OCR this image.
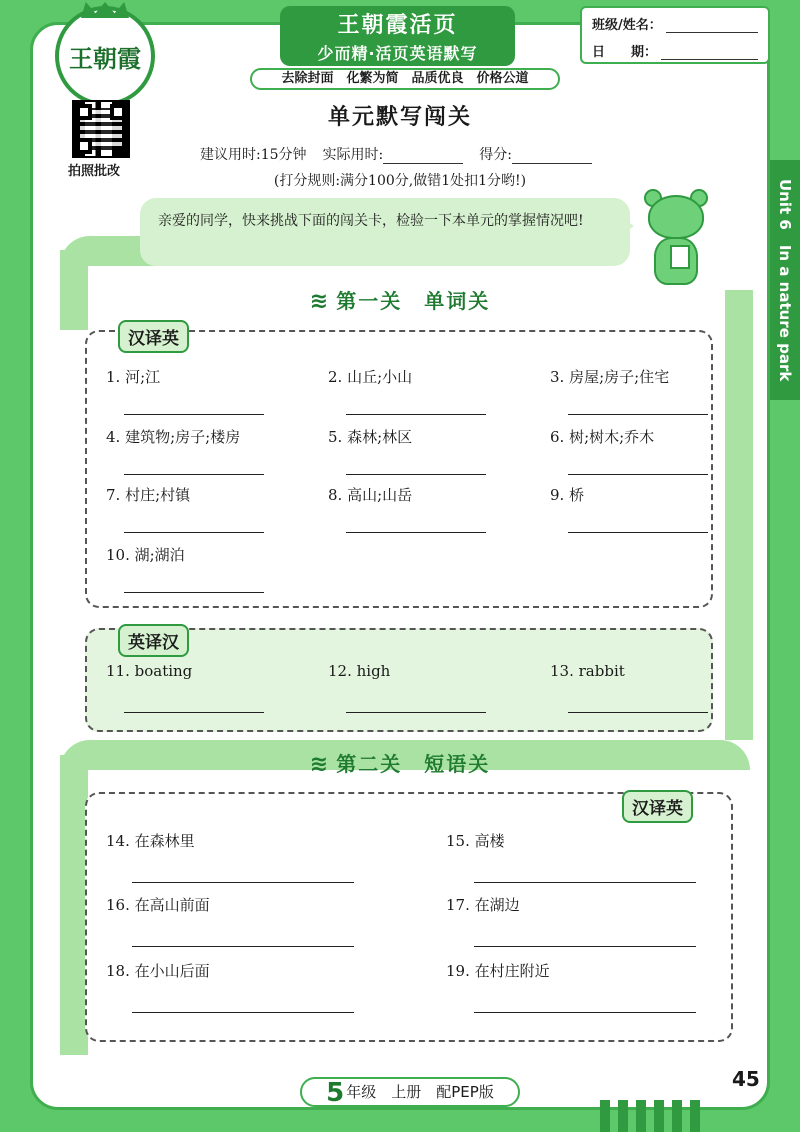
王朝霞
王朝霞活页
少而精·活页英语默写
去除封面　化繁为简　品质优良　价格公道
班级/姓名：
日　　期：
拍照批改
单元默写闯关
建议用时:15分钟 实际用时:	得分:
(打分规则:满分100分,做错1处扣1分哟!)
亲爱的同学，快来挑战下面的闯关卡，检验一下本单元的掌握情况吧!	Unit 6　In a nature park
≋ 第一关　单词关
汉译英
1. 河;江	2. 山丘;小山	3. 房屋;房子;住宅
4. 建筑物;房子;楼房	5. 森林;林区	6. 树;树木;乔木
7. 村庄;村镇	8. 高山;山岳	9. 桥
10. 湖;湖泊
英译汉
11. boating	12. high	13. rabbit
≋ 第二关　短语关
汉译英
14. 在森林里	15. 高楼
16. 在高山前面	17. 在湖边
18. 在小山后面	19. 在村庄附近
5 年级　上册　配PEP版
45
